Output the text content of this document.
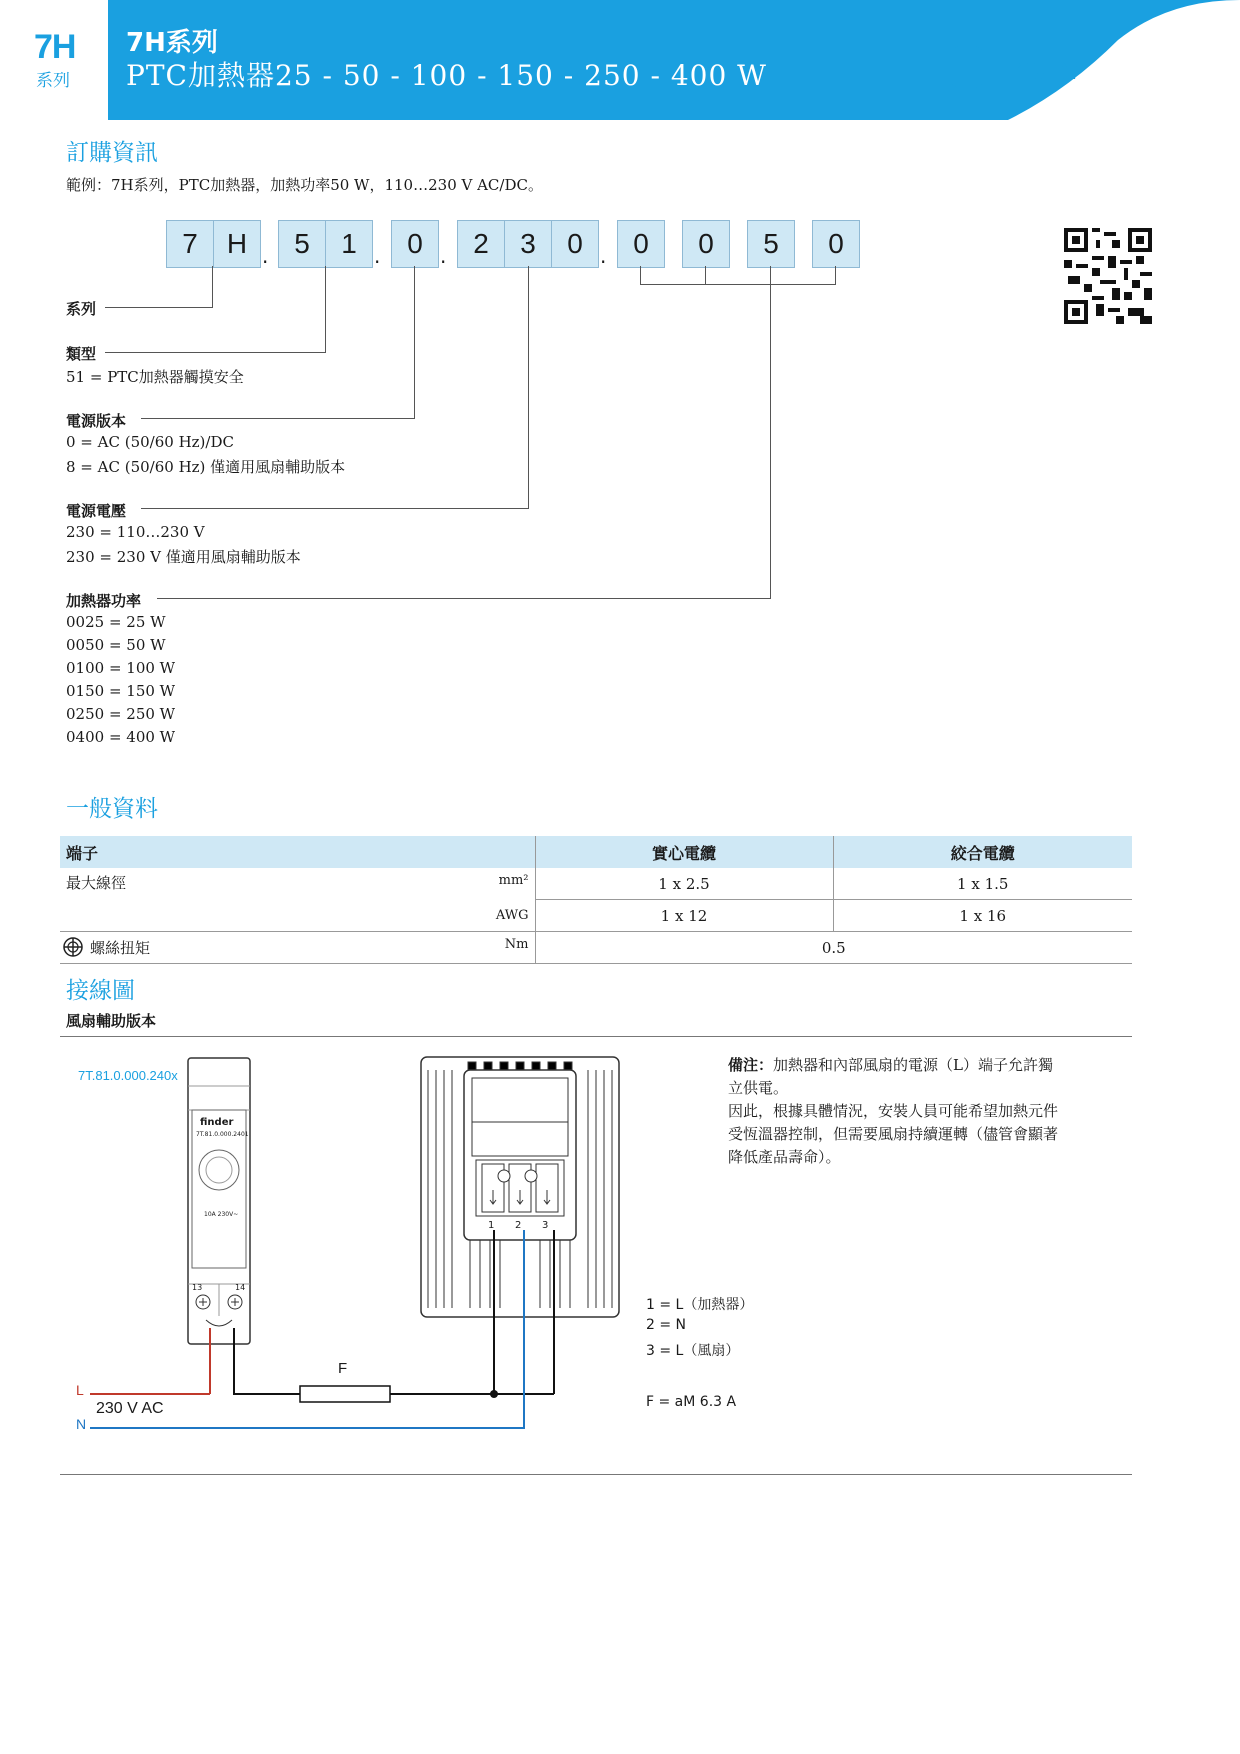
7H
系列
7H系列
PTC加熱器25 - 50 - 100 - 150 - 250 - 400 W	finder
訂購資訊
範例：7H系列，PTC加熱器，加熱功率50 W，110…230 V AC/DC。
7	H . 5	1 . 0 . 2	3	0 . 0	0	5	0
系列
類型
51 = PTC加熱器觸摸安全
電源版本
0 = AC (50/60 Hz)/DC
8 = AC (50/60 Hz) 僅適用風扇輔助版本
電源電壓
230 = 110…230 V
230 = 230 V 僅適用風扇輔助版本
加熱器功率
0025 = 25 W
0050 = 50 W
0100 = 100 W
0150 = 150 W
0250 = 250 W
0400 = 400 W
一般資料
端子	實心電纜	絞合電纜

最大線徑 mm²	1 x 2.5	1 x 1.5
AWG	1 x 12	1 x 16

螺絲扭矩 Nm	0.5	
接線圖
風扇輔助版本
7T.81.0.000.240x
finder
7T.81.0.000.2401
10A 230V~
13	14
1 2 3
F
L
N
230 V AC
1 = L（加熱器）
2 = N
3 = L（風扇）
F = aM 6.3 A
備注：加熱器和內部風扇的電源（L）端子允許獨
立供電。
因此，根據具體情況，安裝人員可能希望加熱元件
受恆溫器控制，但需要風扇持續運轉（儘管會顯著
降低產品壽命）。
